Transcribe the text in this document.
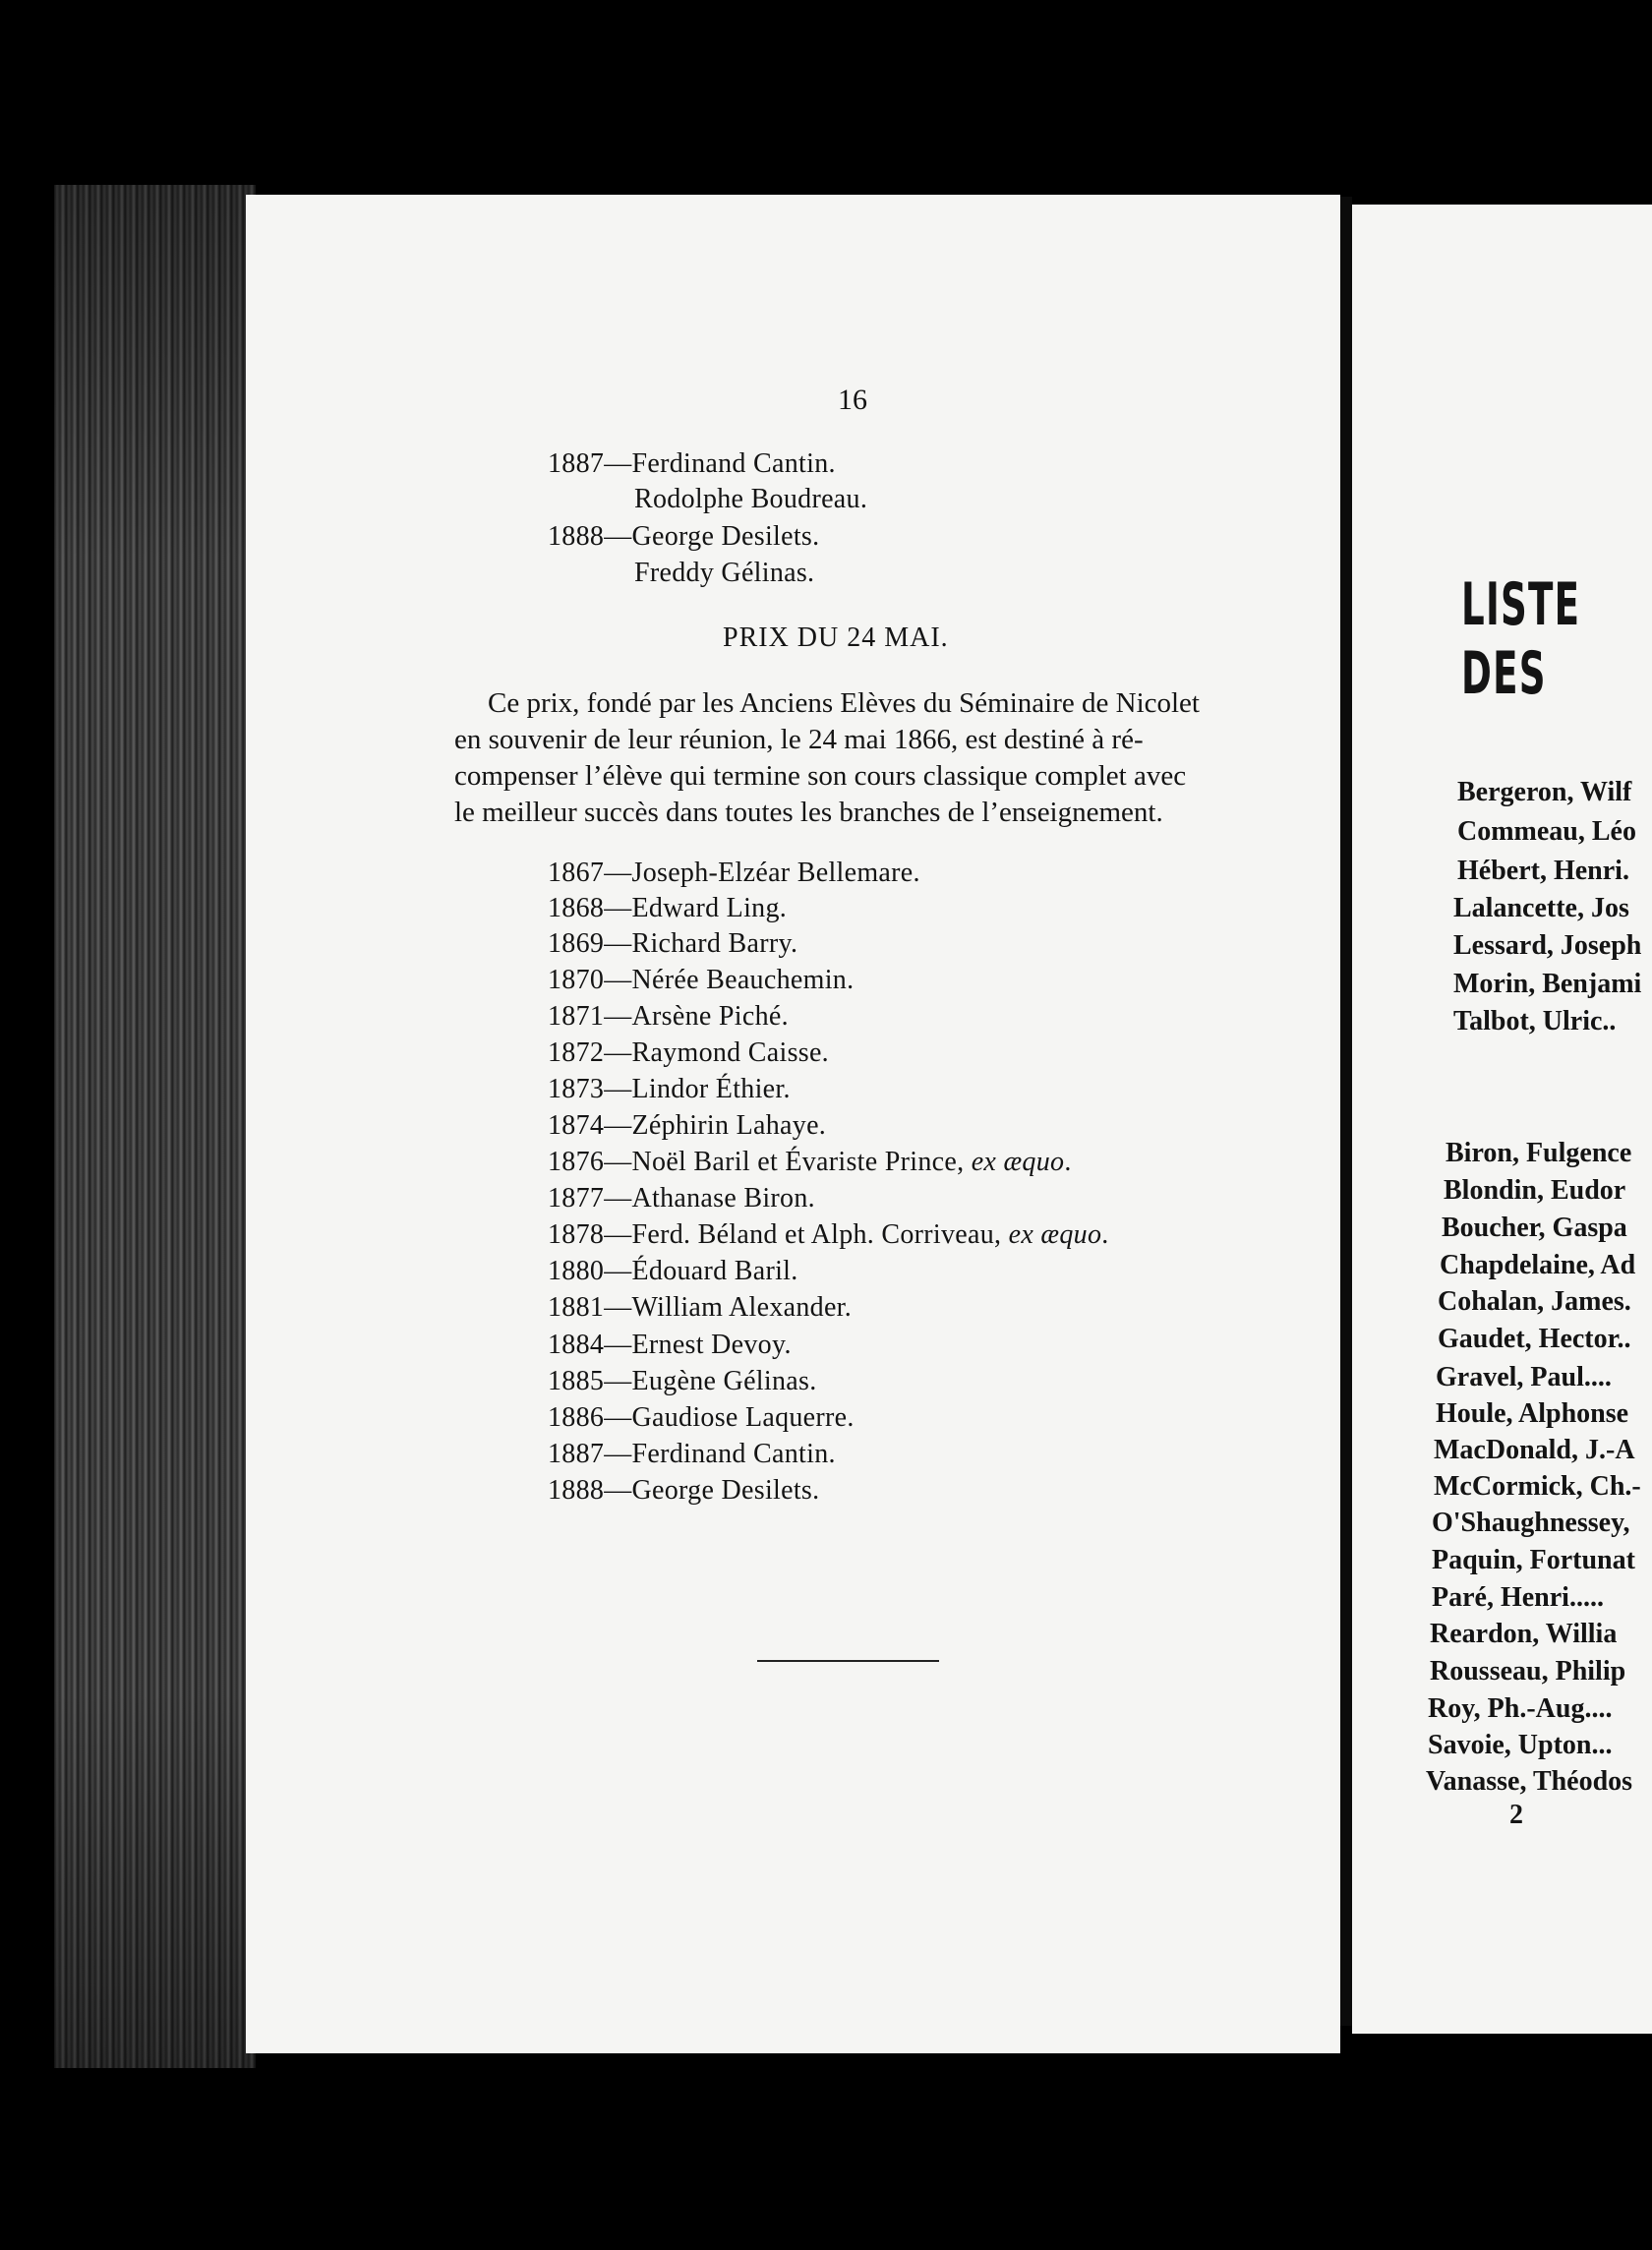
16
1887—Ferdinand Cantin.
Rodolphe Boudreau.
1888—George Desilets.
Freddy Gélinas.
PRIX DU 24 MAI.
Ce prix, fondé par les Anciens Elèves du Séminaire de Nicolet
en souvenir de leur réunion, le 24 mai 1866, est destiné à ré-
compenser l’élève qui termine son cours classique complet avec
le meilleur succès dans toutes les branches de l’enseignement.
1867—Joseph-Elzéar Bellemare.
1868—Edward Ling.
1869—Richard Barry.
1870—Nérée Beauchemin.
1871—Arsène Piché.
1872—Raymond Caisse.
1873—Lindor Éthier.
1874—Zéphirin Lahaye.
1876—Noël Baril et Évariste Prince, ex æquo.
1877—Athanase Biron.
1878—Ferd. Béland et Alph. Corriveau, ex æquo.
1880—Édouard Baril.
1881—William Alexander.
1884—Ernest Devoy.
1885—Eugène Gélinas.
1886—Gaudiose Laquerre.
1887—Ferdinand Cantin.
1888—George Desilets.
LISTE DES
Bergeron, Wilf
Commeau, Léo
Hébert, Henri.
Lalancette, Jos
Lessard, Joseph
Morin, Benjami
Talbot, Ulric..
Biron, Fulgence
Blondin, Eudor
Boucher, Gaspa
Chapdelaine, Ad
Cohalan, James.
Gaudet, Hector..
Gravel, Paul....
Houle, Alphonse
MacDonald, J.-A
McCormick, Ch.-
O'Shaughnessey,
Paquin, Fortunat
Paré, Henri.....
Reardon, Willia
Rousseau, Philip
Roy, Ph.-Aug....
Savoie, Upton...
Vanasse, Théodos
2
